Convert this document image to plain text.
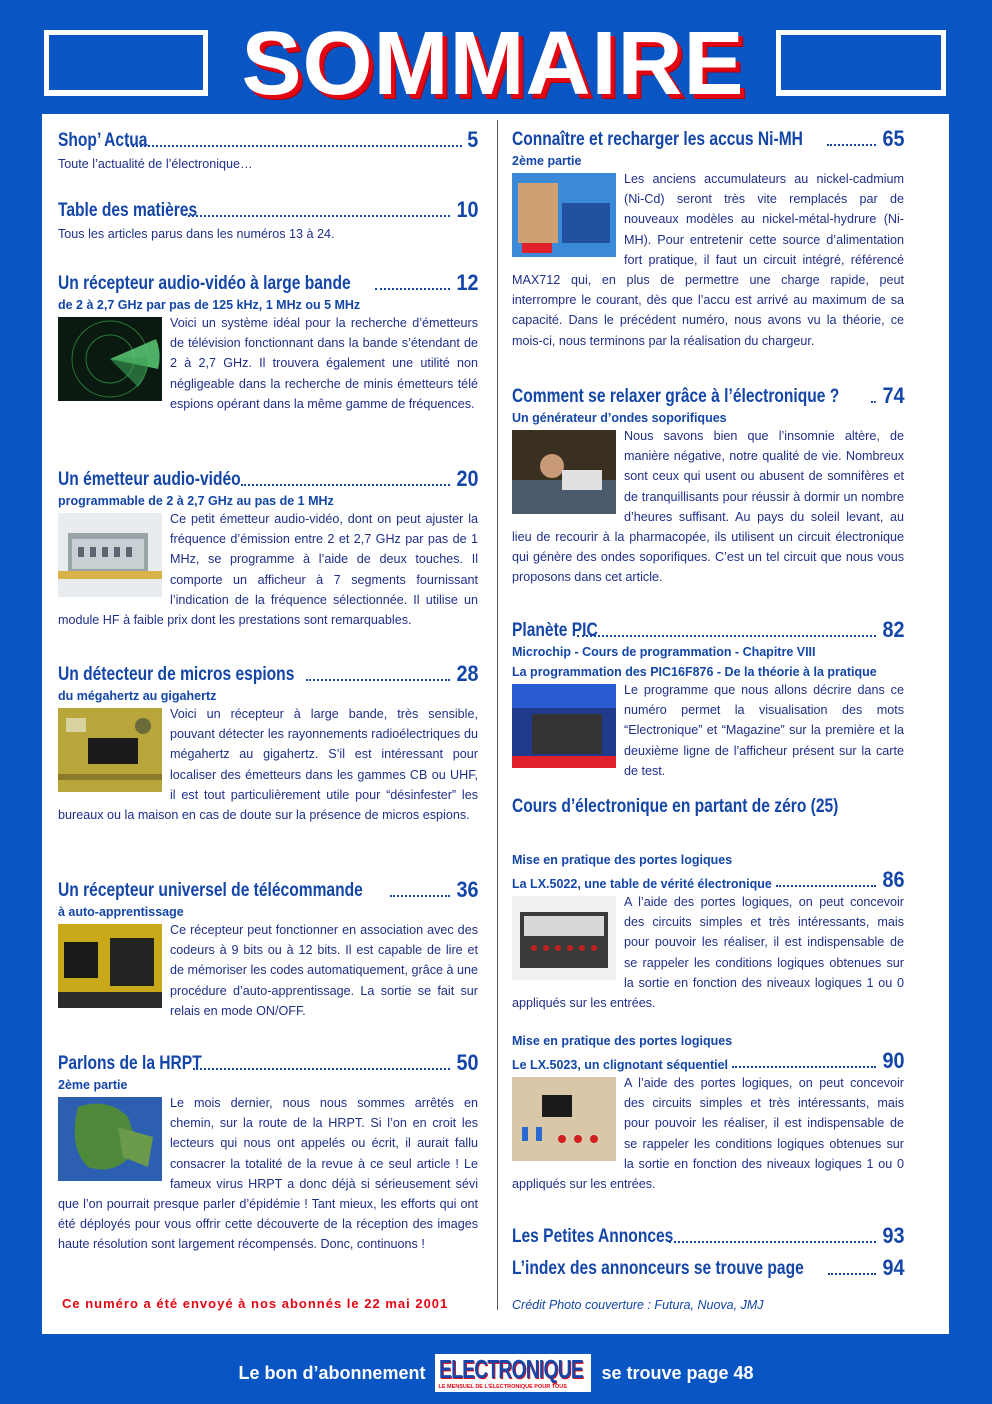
SOMMAIRE
Shop’ Actua	5
Toute l’actualité de l’électronique…
Table des matières	10
Tous les articles parus dans les numéros 13 à 24.
Un récepteur audio-vidéo à large bande	12
de 2 à 2,7 GHz par pas de 125 kHz, 1 MHz ou 5 MHz
Voici un système idéal pour la recherche d’émetteurs de télévision fonctionnant dans la bande s’étendant de 2 à 2,7 GHz. Il trouvera également une utilité non négligeable dans la recherche de minis émetteurs télé espions opérant dans la même gamme de fréquences.
Un émetteur audio-vidéo	20
programmable de 2 à 2,7 GHz au pas de 1 MHz
Ce petit émetteur audio-vidéo, dont on peut ajuster la fréquence d’émission entre 2 et 2,7 GHz par pas de 1 MHz, se programme à l’aide de deux touches. Il comporte un afficheur à 7 segments fournissant l’indication de la fréquence sélectionnée. Il utilise un module HF à faible prix dont les prestations sont remarquables.
Un détecteur de micros espions	28
du mégahertz au gigahertz
Voici un récepteur à large bande, très sensible, pouvant détecter les rayonnements radioélectriques du mégahertz au gigahertz. S’il est intéressant pour localiser des émetteurs dans les gammes CB ou UHF, il est tout particulièrement utile pour “désinfester” les bureaux ou la maison en cas de doute sur la présence de micros espions.
Un récepteur universel de télécommande	36
à auto-apprentissage
Ce récepteur peut fonctionner en association avec des codeurs à 9 bits ou à 12 bits. Il est capable de lire et de mémoriser les codes automatiquement, grâce à une procédure d’auto-apprentissage. La sortie se fait sur relais en mode ON/OFF.
Parlons de la HRPT	50
2ème partie
Le mois dernier, nous nous sommes arrêtés en chemin, sur la route de la HRPT. Si l’on en croit les lecteurs qui nous ont appelés ou écrit, il aurait fallu consacrer la totalité de la revue à ce seul article ! Le fameux virus HRPT a donc déjà si sérieusement sévi que l’on pourrait presque parler d’épidémie ! Tant mieux, les efforts qui ont été déployés pour vous offrir cette découverte de la réception des images haute résolution sont largement récompensés. Donc, continuons !
Connaître et recharger les accus Ni-MH	65
2ème partie
Les anciens accumulateurs au nickel-cadmium (Ni-Cd) seront très vite remplacés par de nouveaux modèles au nickel-métal-hydrure (Ni-MH). Pour entretenir cette source d’alimentation fort pratique, il faut un circuit intégré, référencé MAX712 qui, en plus de permettre une charge rapide, peut interrompre le courant, dès que l’accu est arrivé au maximum de sa capacité. Dans le précédent numéro, nous avons vu la théorie, ce mois-ci, nous terminons par la réalisation du chargeur.
Comment se relaxer grâce à l’électronique ? 74
Un générateur d’ondes soporifiques
Nous savons bien que l’insomnie altère, de manière négative, notre qualité de vie. Nombreux sont ceux qui usent ou abusent de somnifères et de tranquillisants pour réussir à dormir un nombre d’heures suffisant. Au pays du soleil levant, au lieu de recourir à la pharmacopée, ils utilisent un circuit électronique qui génère des ondes soporifiques. C’est un tel circuit que nous vous proposons dans cet article.
Planète PIC	82
Microchip - Cours de programmation - Chapitre VIII
La programmation des PIC16F876 - De la théorie à la pratique
Le programme que nous allons décrire dans ce numéro permet la visualisation des mots “Electronique” et “Magazine” sur la première et la deuxième ligne de l’afficheur présent sur la carte de test.
Cours d’électronique en partant de zéro (25)
Mise en pratique des portes logiques
La LX.5022, une table de vérité électronique	86
A l’aide des portes logiques, on peut concevoir des circuits simples et très intéressants, mais pour pouvoir les réaliser, il est indispensable de se rappeler les conditions logiques obtenues sur la sortie en fonction des niveaux logiques 1 ou 0 appliqués sur les entrées.
Mise en pratique des portes logiques
Le LX.5023, un clignotant séquentiel	90
A l’aide des portes logiques, on peut concevoir des circuits simples et très intéressants, mais pour pouvoir les réaliser, il est indispensable de se rappeler les conditions logiques obtenues sur la sortie en fonction des niveaux logiques 1 ou 0 appliqués sur les entrées.
Les Petites Annonces	93
L’index des annonceurs se trouve page	94
Ce numéro a été envoyé à nos abonnés le 22 mai 2001	Crédit Photo couverture : Futura, Nuova, JMJ
Le bon d’abonnement ELECTRONIQUE
LE MENSUEL DE L’ÉLECTRONIQUE POUR TOUS
se trouve page 48
